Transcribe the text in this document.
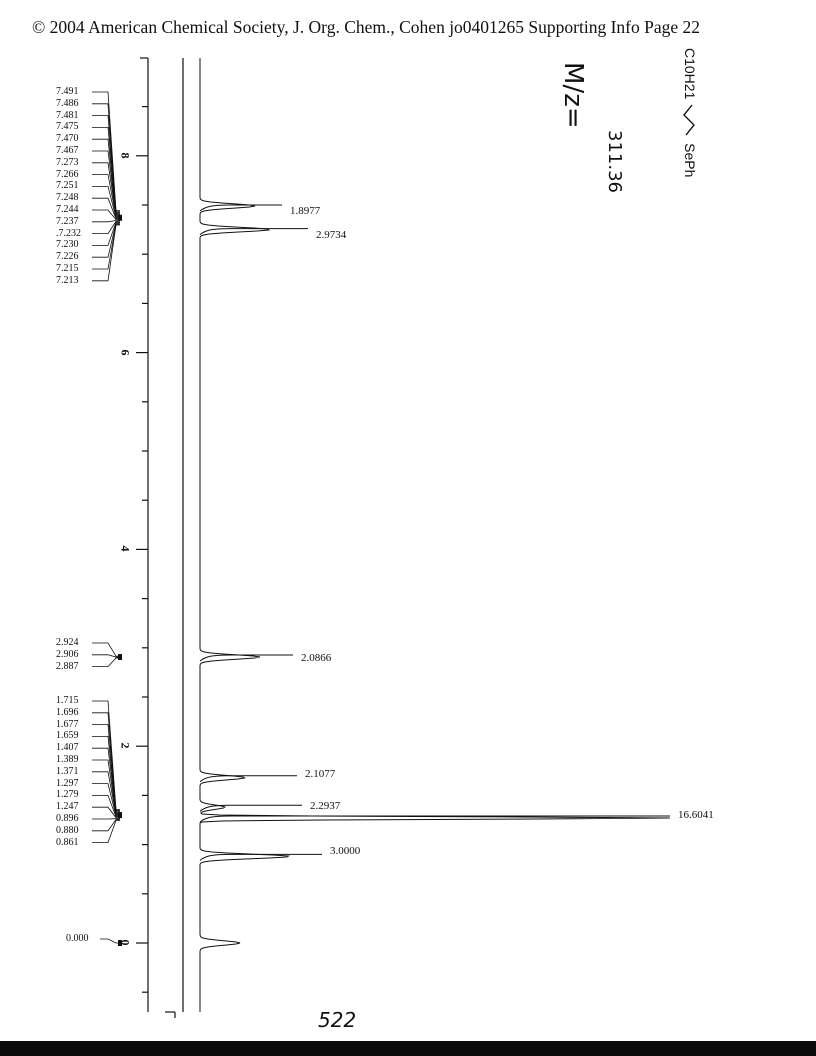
© 2004 American Chemical Society, J. Org. Chem., Cohen jo0401265 Supporting Info Page 22
7.491
7.486
7.481
7.475
7.470
7.467
7.273
7.266
7.251
7.248
7.244
7.237
.7.232
7.230
7.226
7.215
7.213
2.924
2.906
2.887
1.715
1.696
1.677
1.659
1.407
1.389
1.371
1.297
1.279
1.247
0.896
0.880
0.861
0.000
1.8977
2.9734
2.0866
2.1077
2.2937
16.6041
3.0000
8
6
4
2
0
C10H21  SePh
M/z=
311.36
522
